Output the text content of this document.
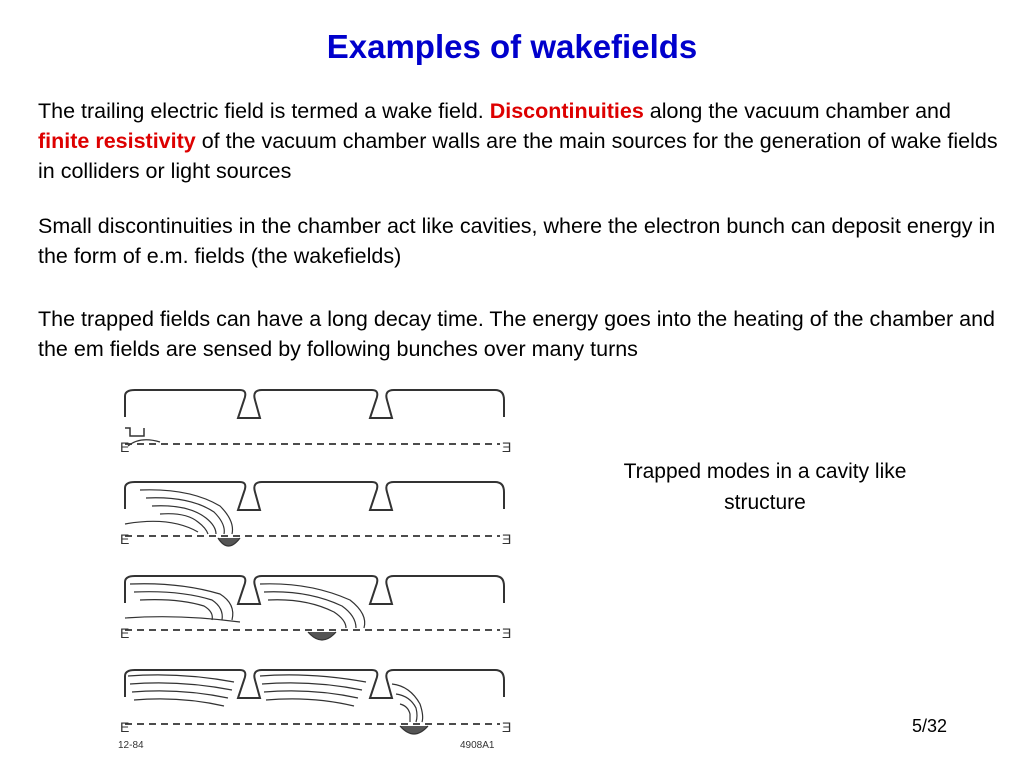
Examples of wakefields

The trailing electric field is termed a wake field. Discontinuities along the vacuum chamber and finite resistivity of the vacuum chamber walls are the main sources for the generation of wake fields in colliders or light sources

Small discontinuities in the chamber act like cavities, where the electron bunch can deposit energy in the form of e.m. fields (the wakefields)

The trapped fields can have a long decay time. The energy goes into the heating of the chamber and the em fields are sensed by following bunches over many turns

12-84	4908A1
Trapped modes in a cavity like structure
5/32
